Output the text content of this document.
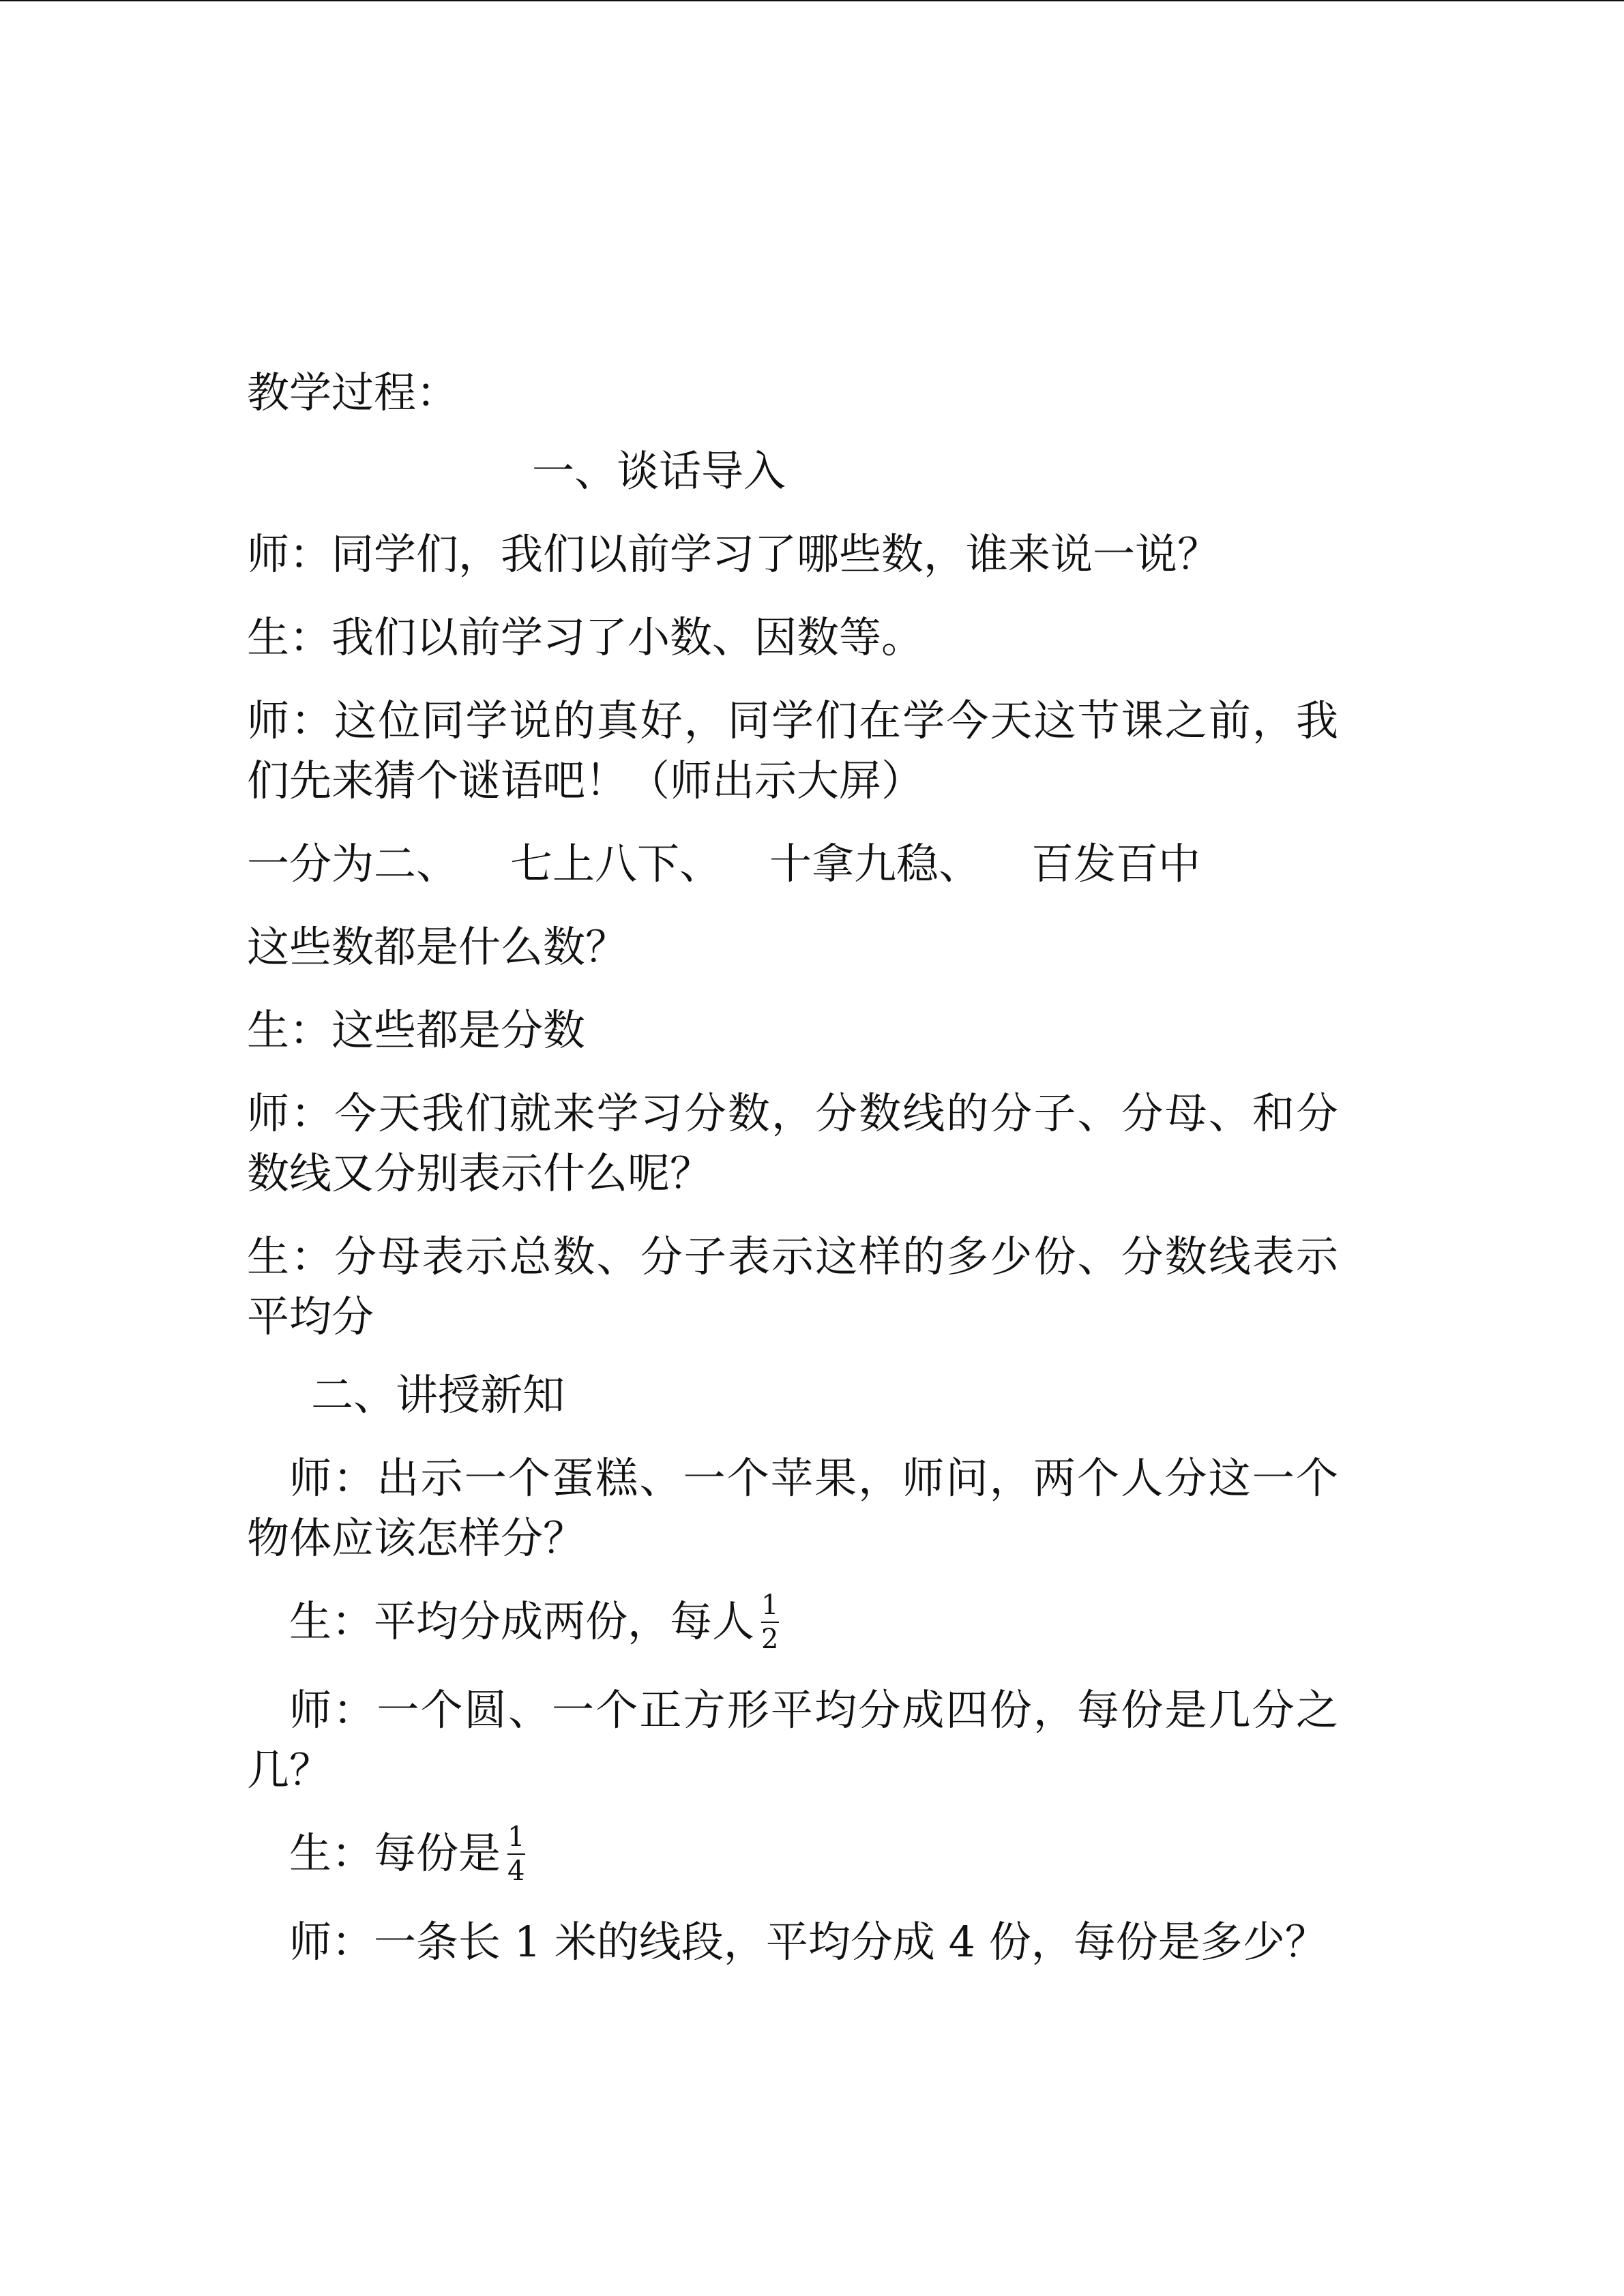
教学过程：
一、谈话导入
师：同学们，我们以前学习了哪些数，谁来说一说？
生：我们以前学习了小数、因数等。
师：这位同学说的真好，同学们在学今天这节课之前，我们先来猜个谜语吧！（师出示大屏）
一分为二、	七上八下、	十拿九稳、	百发百中
这些数都是什么数？
生：这些都是分数
师：今天我们就来学习分数，分数线的分子、分母、和分数线又分别表示什么呢？
生：分母表示总数、分子表示这样的多少份、分数线表示平均分
二、讲授新知
师：出示一个蛋糕、一个苹果，师问，两个人分这一个物体应该怎样分？
生：平均分成两份，每人 $\frac{1}{2}$
师：一个圆、一个正方形平均分成四份，每份是几分之几？
生：每份是 $\frac{1}{4}$
师：一条长 1 米的线段，平均分成 4 份，每份是多少？
